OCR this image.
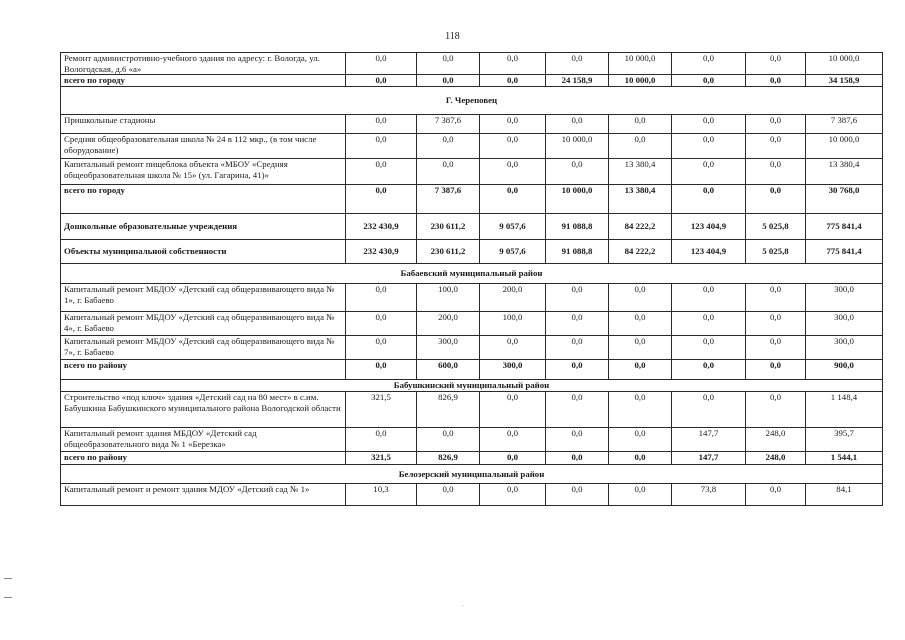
118
Ремонт администротивно-учебного здания по адресу: г. Вологда, ул. Вологодская, д.6 «а»	0,0	0,0	0,0	0,0	10 000,0	0,0	0,0	10 000,0
всего по городу	0,0	0,0	0,0	24 158,9	10 000,0	0,0	0,0	34 158,9
Г. Череповец								
Пришкольные стадионы	0,0	7 387,6	0,0	0,0	0,0	0,0	0,0	7 387,6
Средняя общеобразовательная школа № 24 в 112 мкр., (в том числе оборудование)	0,0	0,0	0,0	10 000,0	0,0	0,0	0,0	10 000,0
Капитальный ремонт пищеблока объекта «МБОУ «Средняя общеобразовательная школа № 15» (ул. Гагарина, 41)»	0,0	0,0	0,0	0,0	13 380,4	0,0	0,0	13 380,4
всего по городу	0,0	7 387,6	0,0	10 000,0	13 380,4	0,0	0,0	30 768,0
Дошкольные образовательные учреждения	232 430,9	230 611,2	9 057,6	91 088,8	84 222,2	123 404,9	5 025,8	775 841,4
Объекты муниципальной собственности	232 430,9	230 611,2	9 057,6	91 088,8	84 222,2	123 404,9	5 025,8	775 841,4
Бабаевский муниципальный район								
Капитальный ремонт МБДОУ «Детский сад общеразвивающего вида № 1», г. Бабаево	0,0	100,0	200,0	0,0	0,0	0,0	0,0	300,0
Капитальный ремонт МБДОУ «Детский сад общеразвивающего вида № 4», г. Бабаево	0,0	200,0	100,0	0,0	0,0	0,0	0,0	300,0
Капитальный ремонт МБДОУ «Детский сад общеразвивающего вида № 7», г. Бабаево	0,0	300,0	0,0	0,0	0,0	0,0	0,0	300,0
всего по району	0,0	600,0	300,0	0,0	0,0	0,0	0,0	900,0
Бабушкинский муниципальный район								
Строительство «под ключ» здания «Детский сад на 80 мест» в с.им. Бабушкина Бабушкинского муниципального района Вологодской области	321,5	826,9	0,0	0,0	0,0	0,0	0,0	1 148,4
Капитальный ремонт здания МБДОУ «Детский сад общеобразовательного вида № 1 «Березка»	0,0	0,0	0,0	0,0	0,0	147,7	248,0	395,7
всего по району	321,5	826,9	0,0	0,0	0,0	147,7	248,0	1 544,1
Белозерский муниципальный район								
Капитальный ремонт и ремонт здания МДОУ «Детский сад № 1»	10,3	0,0	0,0	0,0	0,0	73,8	0,0	84,1
`
